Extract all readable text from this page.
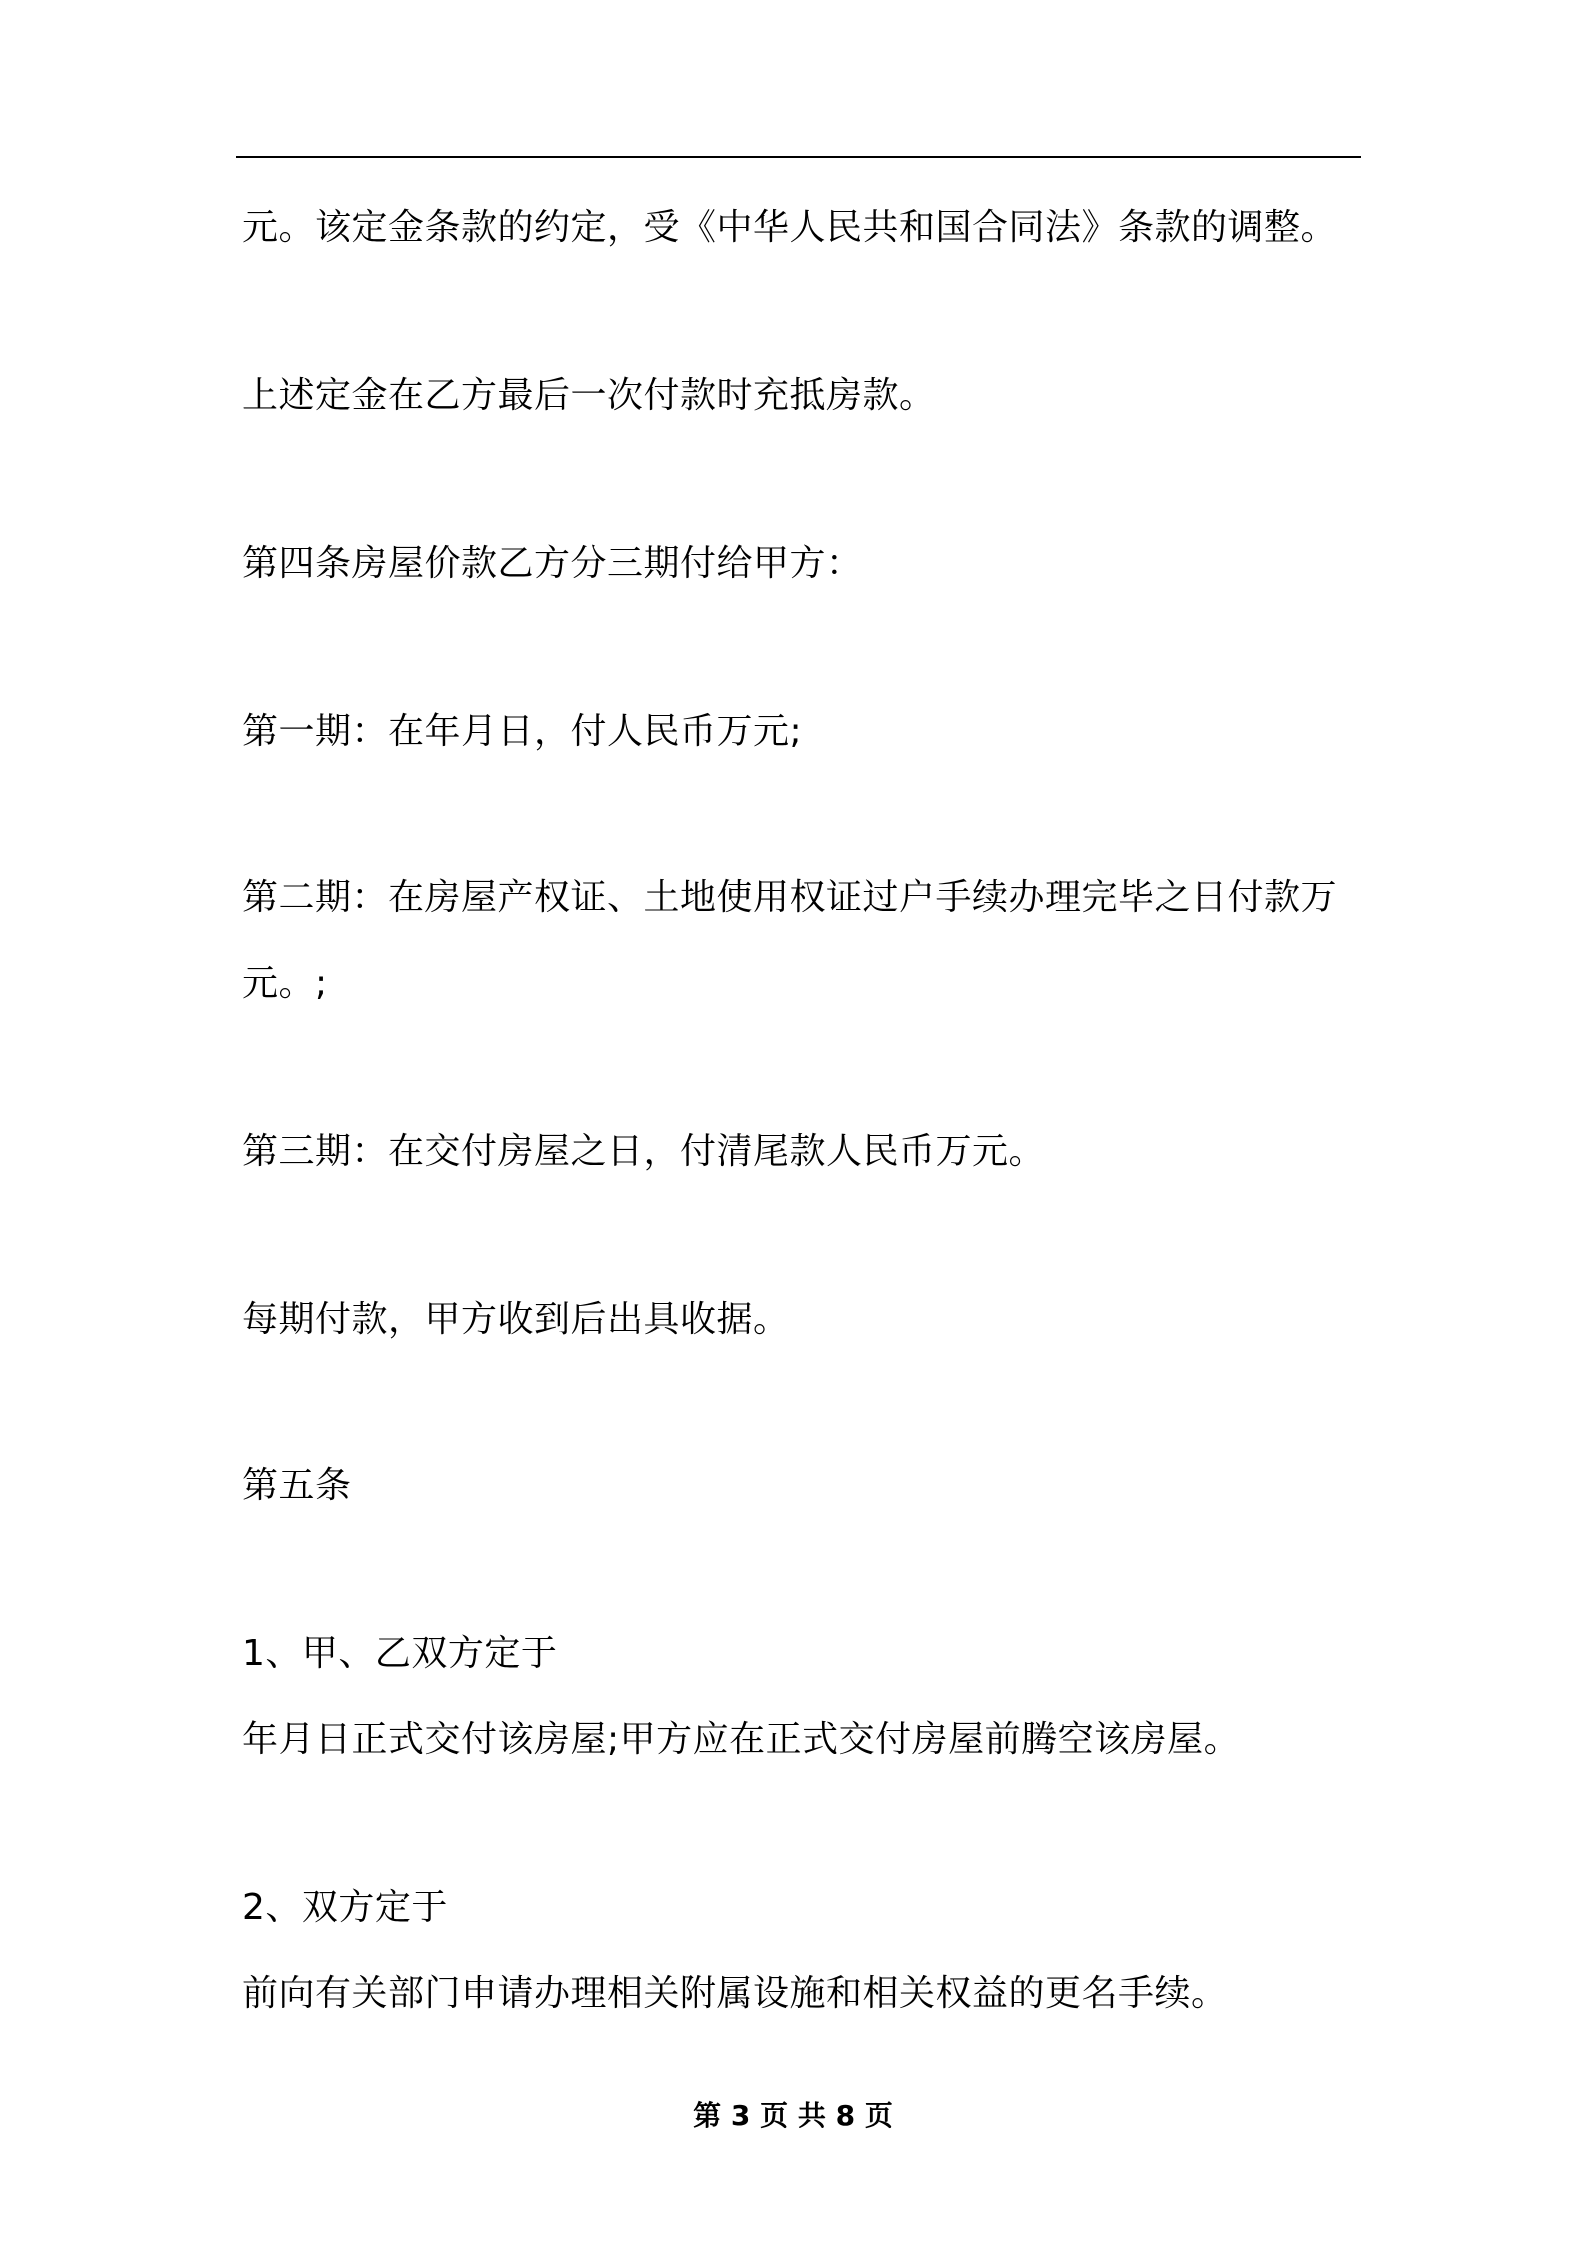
元。该定金条款的约定，受《中华人民共和国合同法》条款的调整。
上述定金在乙方最后一次付款时充抵房款。
第四条房屋价款乙方分三期付给甲方：
第一期：在年月日，付人民币万元;
第二期：在房屋产权证、土地使用权证过户手续办理完毕之日付款万
元。;
第三期：在交付房屋之日，付清尾款人民币万元。
每期付款，甲方收到后出具收据。
第五条
1、甲、乙双方定于
年月日正式交付该房屋;甲方应在正式交付房屋前腾空该房屋。
2、双方定于
前向有关部门申请办理相关附属设施和相关权益的更名手续。
第 3 页 共 8 页
